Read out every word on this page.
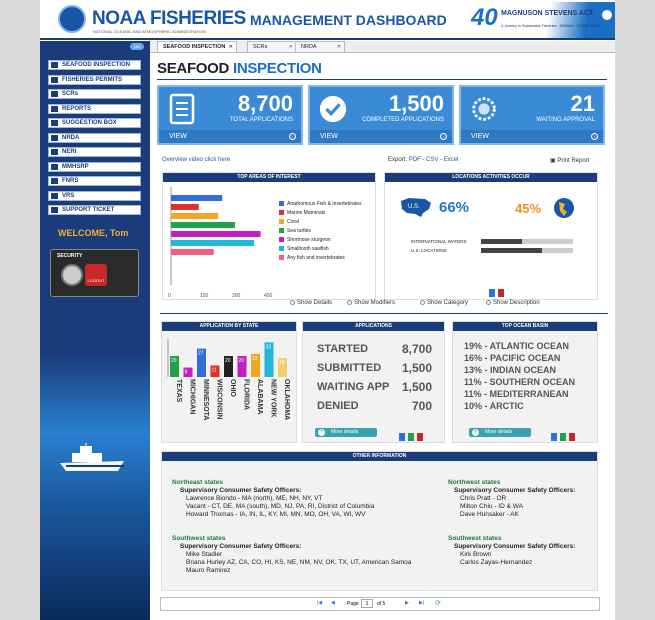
NOAA FISHERIES
NATIONAL OCEANIC AND ATMOSPHERIC ADMINISTRATION
MANAGEMENT DASHBOARD 40 MAGNUSON STEVENS ACT
A Journey to Sustainable Fisheries · #MSA40 · LEARN MORE
ON	SEAFOOD INSPECTION ✕	SCRs	✕	NRDA	✕
WELCOME, Tom
SECURITY
LOGOUT
SEAFOOD INSPECTION
FISHERIES PERMITS
SCRs
REPORTS
SUGGESTION BOX
NRDA
NERI
MMHSRP
FNRS
VRS
SUPPORT TICKET
SEAFOOD INSPECTION
8,700
TOTAL APPLICATIONS
VIEW	›
1,500
COMPLETED APPLICATIONS
VIEW	›
21
WAITING APPROVAL
VIEW	›
Overview video click here	Export: PDF - CSV - Excel	▣ Print Report
TOP AREAS OF INTEREST
0	150	300	450
Anadromous Fish & Invertebrates
Marine Mammals
Coral
Sea turtles
Shortnose sturgeon
Smalltooth sawfish
Any fish and invertebrates
LOCATIONS ACTIVITIES OCCUR
U.S. 66%	45%
INTERNATIONAL WATERS
U.S. LOCATIONS
Show Details	Show Modifiers	Show Category	Show Description
APPLICATION BY STATE
20
TEXAS
9
MICHIGAN
27
MINNESOTA
11
WISCONSIN
20
OHIO
20
FLORIDA
22
ALABAMA
33
NEW YORK
18
OKLAHOMA
APPLICATIONS
STARTED	8,700
SUBMITTED 1,500
WAITING APP 1,500
DENIED	700
+	More details
TOP OCEAN BASIN
19% - ATLANTIC OCEAN
16% - PACIFIC OCEAN
13% - INDIAN OCEAN
11% - SOUTHERN OCEAN
11% - MEDITERRANEAN
10% - ARCTIC
+	More details
OTHER INFORMATION
Northeast states
Supervisory Consumer Safety Officers:
Lawrence Biondo - MA (north), ME, NH, NY, VT
Vacant - CT, DE, MA (south), MD, NJ, PA, RI, District of Columbia
Howard Thomas - IA, IN, IL, KY, MI, MN, MO, OH, VA, WI, WV
Northwest states
Supervisory Consumer Safety Officers:
Chris Pratt - OR
Milton Chiu - ID & WA
Dave Hunsaker - AK
Southwest states
Supervisory Consumer Safety Officers:
Mike Stadler
Briana Hurley AZ, CA, CO, HI, KS, NE, NM, NV, OK, TX, UT, American Samoa
Mauro Ramirez
Southwest states
Supervisory Consumer Safety Officers:
Kirk Brown
Carlos Zayas-Hernandez
|◀ ◀ Page	1	of 5	▶ ▶| ⟳
